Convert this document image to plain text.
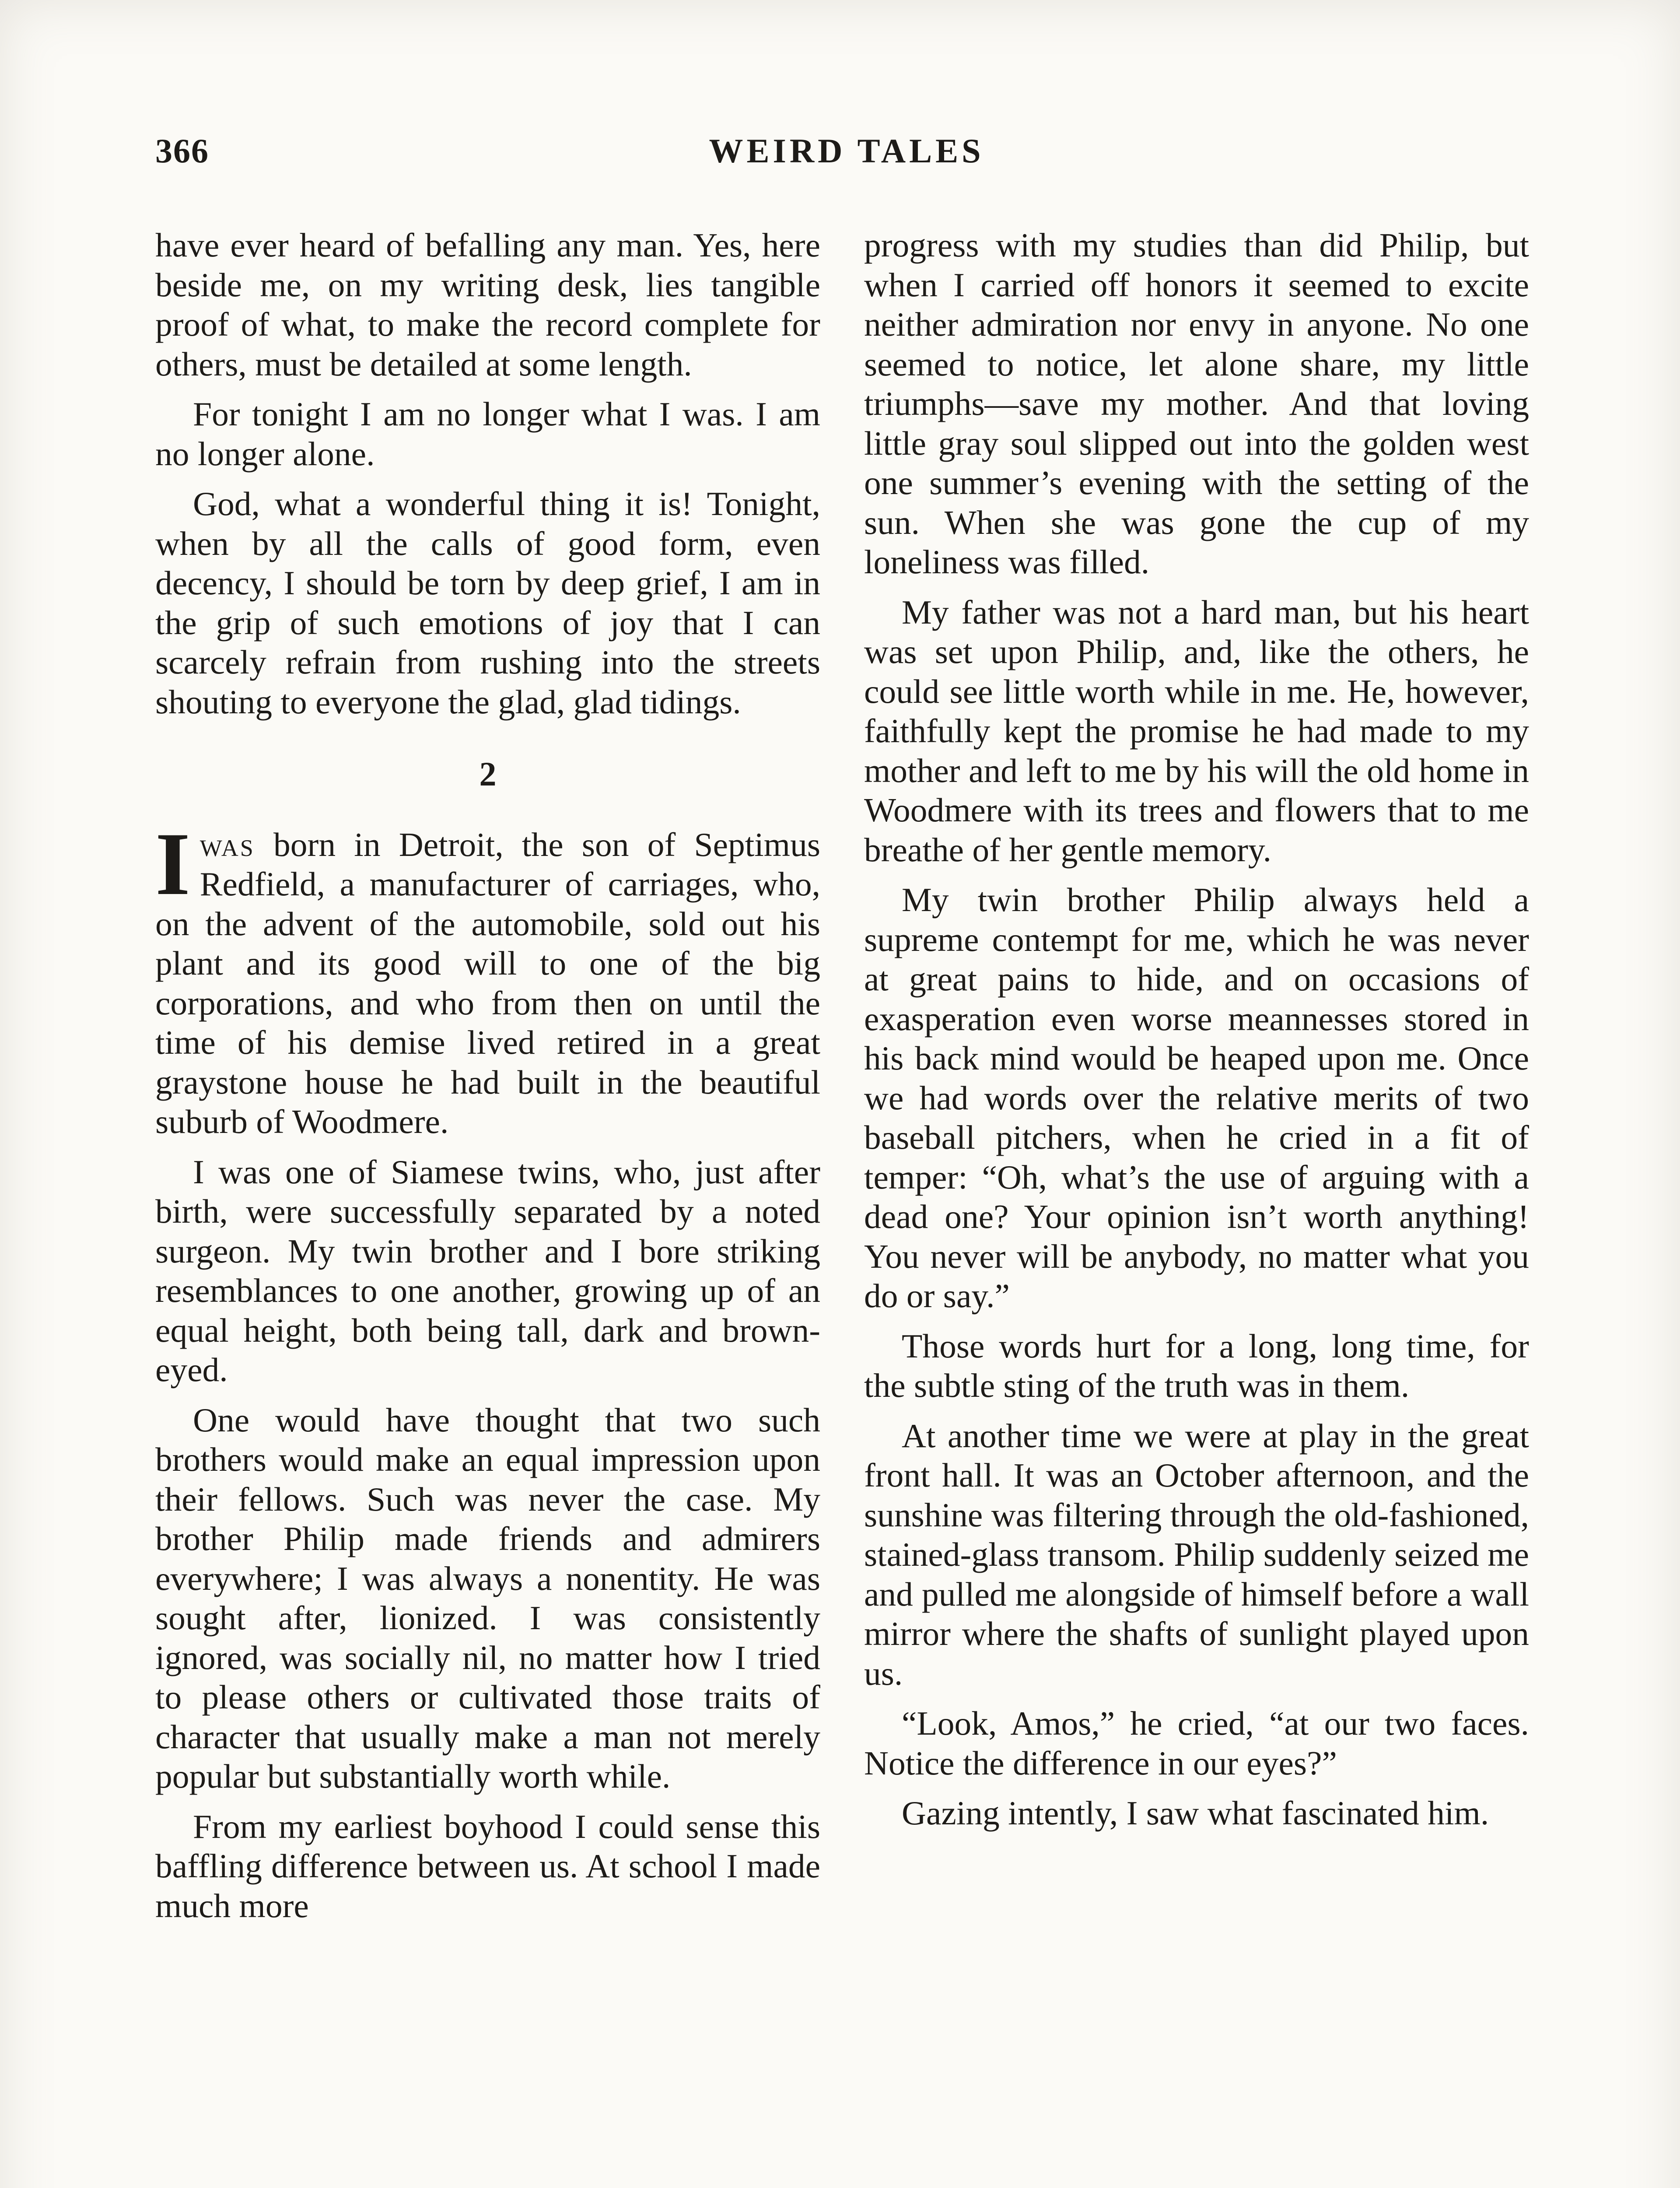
366	WEIRD TALES

have ever heard of befalling any man. Yes, here beside me, on my writing desk, lies tangible proof of what, to make the record complete for others, must be detailed at some length.

For tonight I am no longer what I was. I am no longer alone.

God, what a wonderful thing it is! Tonight, when by all the calls of good form, even decency, I should be torn by deep grief, I am in the grip of such emotions of joy that I can scarcely refrain from rushing into the streets shouting to everyone the glad, glad tidings.

2

Iwas born in Detroit, the son of Septimus Redfield, a manufacturer of carriages, who, on the advent of the automobile, sold out his plant and its good will to one of the big corporations, and who from then on until the time of his demise lived retired in a great graystone house he had built in the beautiful suburb of Woodmere.

I was one of Siamese twins, who, just after birth, were successfully separated by a noted surgeon. My twin brother and I bore striking resemblances to one another, growing up of an equal height, both being tall, dark and brown-eyed.

One would have thought that two such brothers would make an equal impression upon their fellows. Such was never the case. My brother Philip made friends and admirers everywhere; I was always a nonentity. He was sought after, lionized. I was consistently ignored, was socially nil, no matter how I tried to please others or cultivated those traits of character that usually make a man not merely popular but substantially worth while.

From my earliest boyhood I could sense this baffling difference between us. At school I made much more

progress with my studies than did Philip, but when I carried off honors it seemed to excite neither admiration nor envy in anyone. No one seemed to notice, let alone share, my little triumphs—save my mother. And that loving little gray soul slipped out into the golden west one summer’s evening with the setting of the sun. When she was gone the cup of my loneliness was filled.

My father was not a hard man, but his heart was set upon Philip, and, like the others, he could see little worth while in me. He, however, faithfully kept the promise he had made to my mother and left to me by his will the old home in Woodmere with its trees and flowers that to me breathe of her gentle memory.

My twin brother Philip always held a supreme contempt for me, which he was never at great pains to hide, and on occasions of exasperation even worse meannesses stored in his back mind would be heaped upon me. Once we had words over the relative merits of two baseball pitchers, when he cried in a fit of temper: “Oh, what’s the use of arguing with a dead one? Your opinion isn’t worth anything! You never will be anybody, no matter what you do or say.”

Those words hurt for a long, long time, for the subtle sting of the truth was in them.

At another time we were at play in the great front hall. It was an October afternoon, and the sunshine was filtering through the old-fashioned, stained-glass transom. Philip suddenly seized me and pulled me alongside of himself before a wall mirror where the shafts of sunlight played upon us.

“Look, Amos,” he cried, “at our two faces. Notice the difference in our eyes?”

Gazing intently, I saw what fascinated him.
